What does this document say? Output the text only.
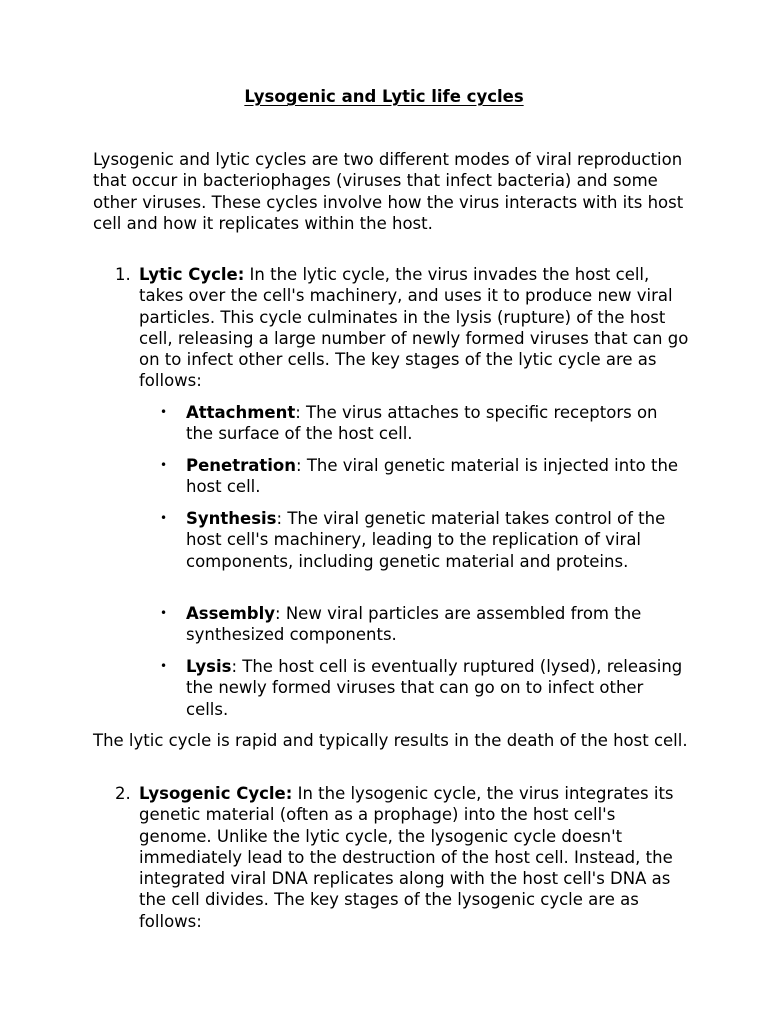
Lysogenic and Lytic life cycles

Lysogenic and lytic cycles are two different modes of viral reproduction that occur in bacteriophages (viruses that infect bacteria) and some other viruses. These cycles involve how the virus interacts with its host cell and how it replicates within the host.

1. Lytic Cycle: In the lytic cycle, the virus invades the host cell, takes over the cell's machinery, and uses it to produce new viral particles. This cycle culminates in the lysis (rupture) of the host cell, releasing a large number of newly formed viruses that can go on to infect other cells. The key stages of the lytic cycle are as follows:
• Attachment: The virus attaches to specific receptors on the surface of the host cell.
• Penetration: The viral genetic material is injected into the host cell.
• Synthesis: The viral genetic material takes control of the host cell's machinery, leading to the replication of viral components, including genetic material and proteins.
• Assembly: New viral particles are assembled from the synthesized components.
• Lysis: The host cell is eventually ruptured (lysed), releasing the newly formed viruses that can go on to infect other cells.

The lytic cycle is rapid and typically results in the death of the host cell.

2. Lysogenic Cycle: In the lysogenic cycle, the virus integrates its genetic material (often as a prophage) into the host cell's genome. Unlike the lytic cycle, the lysogenic cycle doesn't immediately lead to the destruction of the host cell. Instead, the integrated viral DNA replicates along with the host cell's DNA as the cell divides. The key stages of the lysogenic cycle are as follows:
